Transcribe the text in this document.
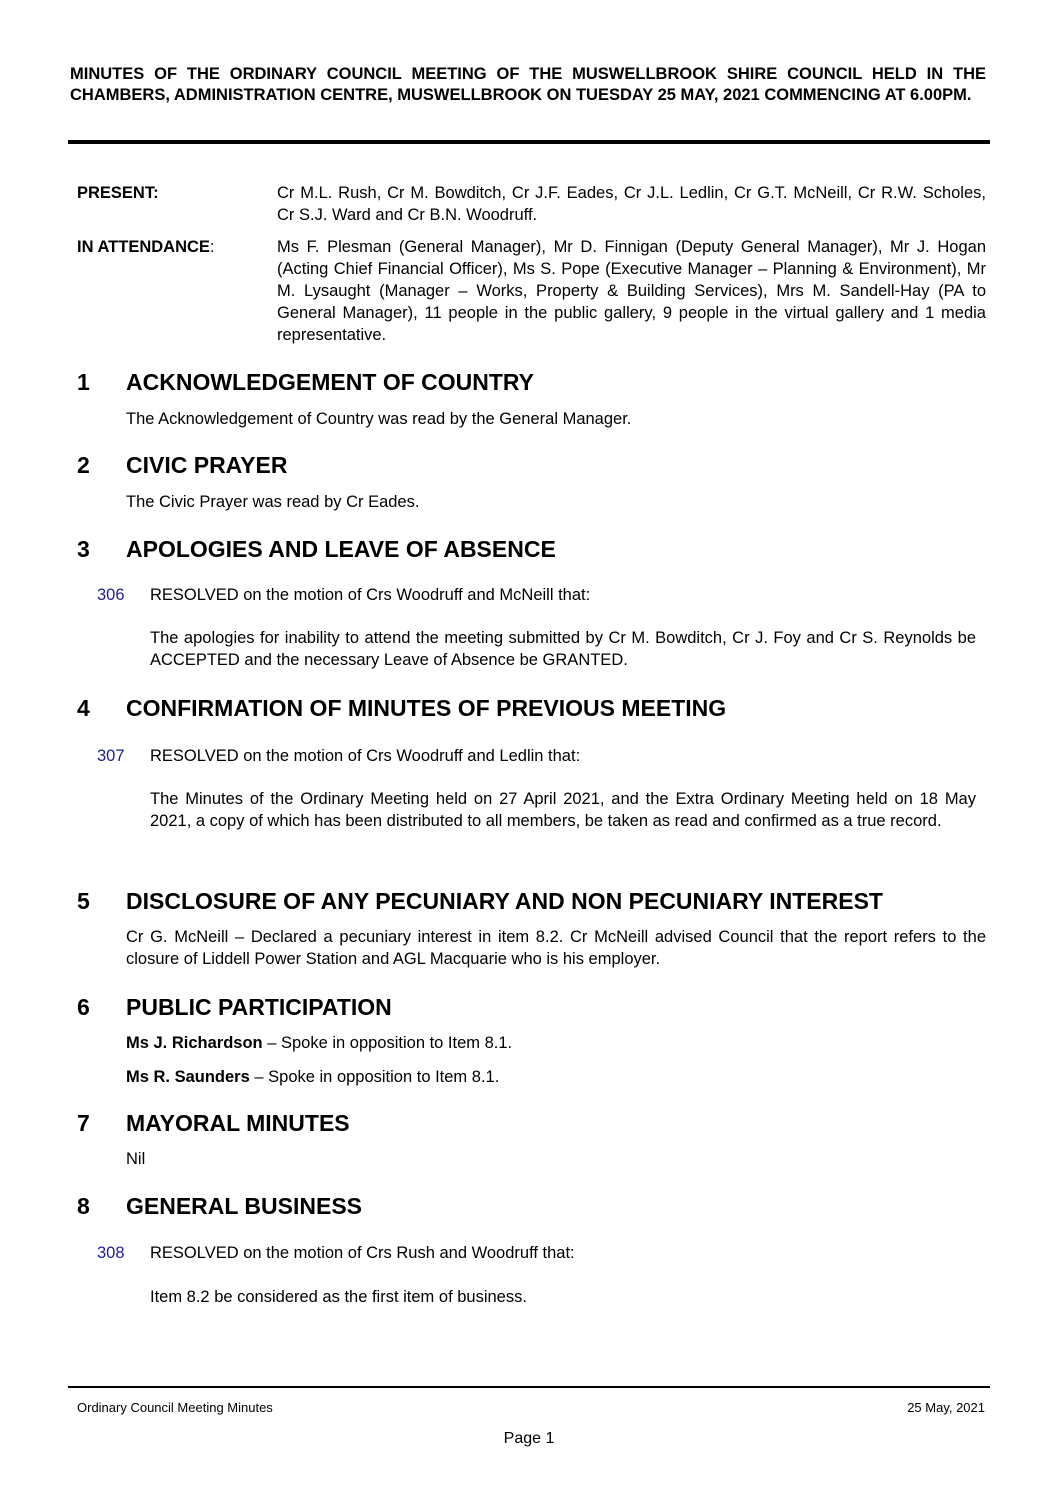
MINUTES OF THE ORDINARY COUNCIL MEETING OF THE MUSWELLBROOK SHIRE COUNCIL HELD IN THE CHAMBERS, ADMINISTRATION CENTRE, MUSWELLBROOK ON TUESDAY 25 MAY, 2021 COMMENCING AT 6.00PM.
PRESENT:	Cr M.L. Rush, Cr M. Bowditch, Cr J.F. Eades, Cr J.L. Ledlin, Cr G.T. McNeill, Cr R.W. Scholes, Cr S.J. Ward and Cr B.N. Woodruff.
IN ATTENDANCE:	Ms F. Plesman (General Manager), Mr D. Finnigan (Deputy General Manager), Mr J. Hogan (Acting Chief Financial Officer), Ms S. Pope (Executive Manager – Planning & Environment), Mr M. Lysaught (Manager – Works, Property & Building Services), Mrs M. Sandell-Hay (PA to General Manager), 11 people in the public gallery, 9 people in the virtual gallery and 1 media representative.
1 ACKNOWLEDGEMENT OF COUNTRY
The Acknowledgement of Country was read by the General Manager.
2 CIVIC PRAYER
The Civic Prayer was read by Cr Eades.
3 APOLOGIES AND LEAVE OF ABSENCE
306 RESOLVED on the motion of Crs Woodruff and McNeill that:
The apologies for inability to attend the meeting submitted by Cr M. Bowditch, Cr J. Foy and Cr S. Reynolds be ACCEPTED and the necessary Leave of Absence be GRANTED.
4 CONFIRMATION OF MINUTES OF PREVIOUS MEETING
307 RESOLVED on the motion of Crs Woodruff and Ledlin that:
The Minutes of the Ordinary Meeting held on 27 April 2021, and the Extra Ordinary Meeting held on 18 May 2021, a copy of which has been distributed to all members, be taken as read and confirmed as a true record.
5 DISCLOSURE OF ANY PECUNIARY AND NON PECUNIARY INTEREST
Cr G. McNeill – Declared a pecuniary interest in item 8.2. Cr McNeill advised Council that the report refers to the closure of Liddell Power Station and AGL Macquarie who is his employer.
6 PUBLIC PARTICIPATION
Ms J. Richardson – Spoke in opposition to Item 8.1.
Ms R. Saunders – Spoke in opposition to Item 8.1.
7 MAYORAL MINUTES
Nil
8 GENERAL BUSINESS
308 RESOLVED on the motion of Crs Rush and Woodruff that:
Item 8.2 be considered as the first item of business.
Ordinary Council Meeting Minutes	25 May, 2021
Page 1
